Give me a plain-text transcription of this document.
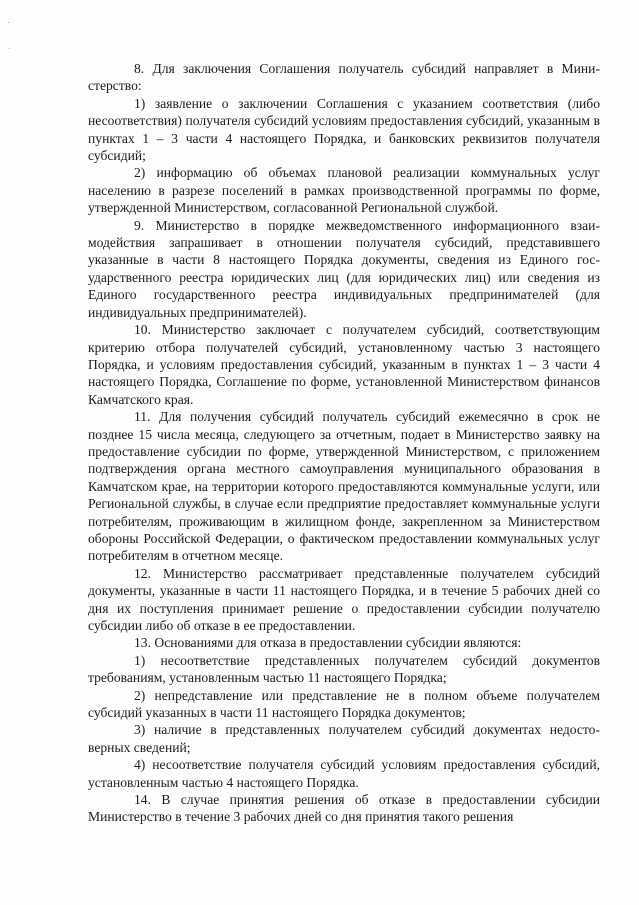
8. Для заключения Соглашения получатель субсидий направляет в Министерство:

1) заявление о заключении Соглашения с указанием соответствия (либо несоответствия) получателя субсидий условиям предоставления субсидий, указанным в пунктах 1 – 3 части 4 настоящего Порядка, и банковских реквизитов получателя субсидий;

2) информацию об объемах плановой реализации коммунальных услуг населению в разрезе поселений в рамках производственной программы по форме, утвержденной Министерством, согласованной Региональной службой.

9. Министерство в порядке межведомственного информационного взаимодействия запрашивает в отношении получателя субсидий, представившего указанные в части 8 настоящего Порядка документы, сведения из Единого государственного реестра юридических лиц (для юридических лиц) или сведения из Единого государственного реестра индивидуальных предпринимателей (для индивидуальных предпринимателей).

10. Министерство заключает с получателем субсидий, соответствующим критерию отбора получателей субсидий, установленному частью 3 настоящего Порядка, и условиям предоставления субсидий, указанным в пунктах 1 – 3 части 4 настоящего Порядка, Соглашение по форме, установленной Министерством финансов Камчатского края.

11. Для получения субсидий получатель субсидий ежемесячно в срок не позднее 15 числа месяца, следующего за отчетным, подает в Министерство заявку на предоставление субсидии по форме, утвержденной Министерством, с приложением подтверждения органа местного самоуправления муниципального образования в Камчатском крае, на территории которого предоставляются коммунальные услуги, или Региональной службы, в случае если предприятие предоставляет коммунальные услуги потребителям, проживающим в жилищном фонде, закрепленном за Министерством обороны Российской Федерации, о фактическом предоставлении коммунальных услуг потребителям в отчетном месяце.

12. Министерство рассматривает представленные получателем субсидий документы, указанные в части 11 настоящего Порядка, и в течение 5 рабочих дней со дня их поступления принимает решение о предоставлении субсидии получателю субсидии либо об отказе в ее предоставлении.

13. Основаниями для отказа в предоставлении субсидии являются:

1) несоответствие представленных получателем субсидий документов требованиям, установленным частью 11 настоящего Порядка;

2) непредставление или представление не в полном объеме получателем субсидий указанных в части 11 настоящего Порядка документов;

3) наличие в представленных получателем субсидий документах недостоверных сведений;

4) несоответствие получателя субсидий условиям предоставления субсидий, установленным частью 4 настоящего Порядка.

14. В случае принятия решения об отказе в предоставлении субсидии Министерство в течение 3 рабочих дней со дня принятия такого решения
